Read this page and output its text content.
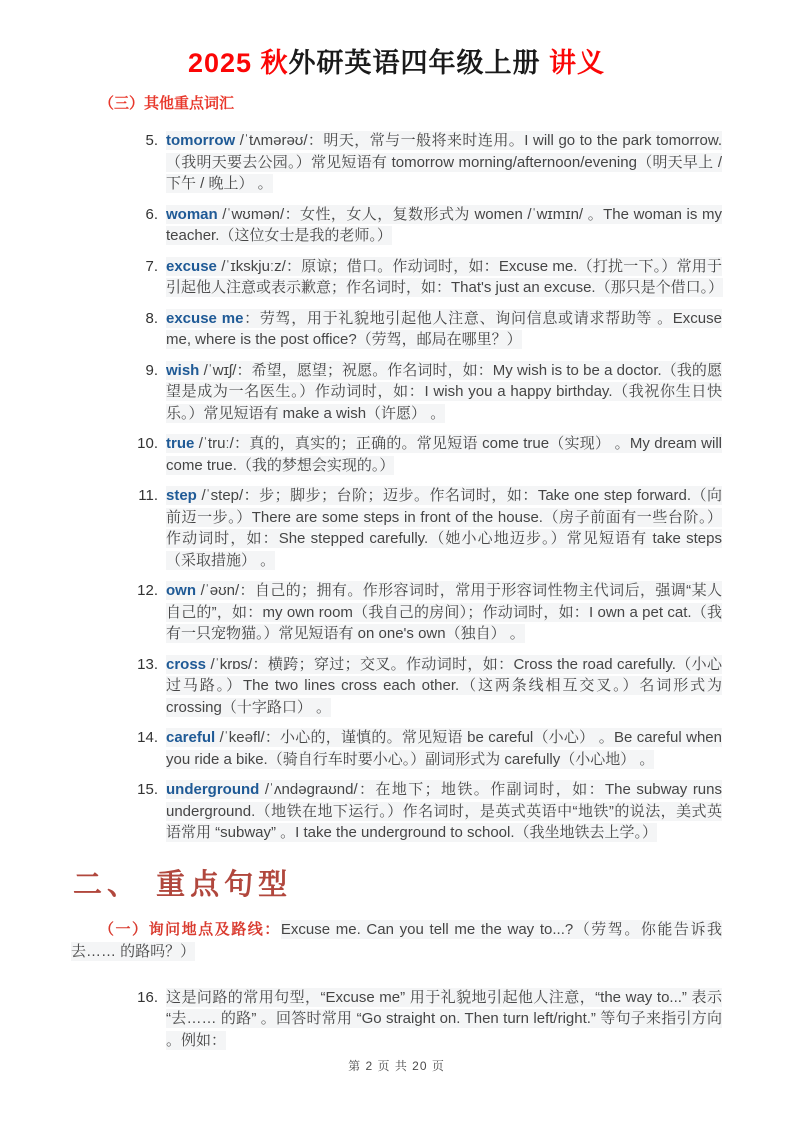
2025 秋外研英语四年级上册 讲义
（三）其他重点词汇
5. tomorrow /ˈtʌmərəʊ/：明天，常与一般将来时连用。I will go to the park tomorrow.（我明天要去公园。）常见短语有 tomorrow morning/afternoon/evening（明天早上 / 下午 / 晚上） 。
6. woman /ˈwʊmən/：女性，女人，复数形式为 women /ˈwɪmɪn/ 。The woman is my teacher.（这位女士是我的老师。）
7. excuse /ˈɪkskjuːz/：原谅；借口。作动词时，如：Excuse me.（打扰一下。）常用于引起他人注意或表示歉意；作名词时，如：That's just an excuse.（那只是个借口。）
8. excuse me：劳驾，用于礼貌地引起他人注意、询问信息或请求帮助等 。Excuse me, where is the post office?（劳驾，邮局在哪里？）
9. wish /ˈwɪʃ/：希望，愿望；祝愿。作名词时，如：My wish is to be a doctor.（我的愿望是成为一名医生。）作动词时，如：I wish you a happy birthday.（我祝你生日快乐。）常见短语有 make a wish（许愿） 。
10. true /ˈtruː/：真的，真实的；正确的。常见短语 come true（实现） 。My dream will come true.（我的梦想会实现的。）
11. step /ˈstep/：步；脚步；台阶；迈步。作名词时，如：Take one step forward.（向前迈一步。）There are some steps in front of the house.（房子前面有一些台阶。）作动词时，如：She stepped carefully.（她小心地迈步。）常见短语有 take steps（采取措施） 。
12. own /ˈəʊn/：自己的；拥有。作形容词时，常用于形容词性物主代词后，强调“某人自己的”，如：my own room（我自己的房间）；作动词时，如：I own a pet cat.（我有一只宠物猫。）常见短语有 on one's own（独自） 。
13. cross /ˈkrɒs/：横跨；穿过；交叉。作动词时，如：Cross the road carefully.（小心过马路。）The two lines cross each other.（这两条线相互交叉。）名词形式为 crossing（十字路口） 。
14. careful /ˈkeəfl/：小心的，谨慎的。常见短语 be careful（小心） 。Be careful when you ride a bike.（骑自行车时要小心。）副词形式为 carefully（小心地） 。
15. underground /ˈʌndəgraʊnd/：在地下；地铁。作副词时，如：The subway runs underground.（地铁在地下运行。）作名词时，是英式英语中“地铁”的说法，美式英语常用 “subway” 。I take the underground to school.（我坐地铁去上学。）
二、 重点句型

（一）询问地点及路线：Excuse me. Can you tell me the way to...?（劳驾。你能告诉我去…… 的路吗？）

16. 这是问路的常用句型，“Excuse me” 用于礼貌地引起他人注意，“the way to...” 表示 “去…… 的路” 。回答时常用 “Go straight on. Then turn left/right.” 等句子来指引方向 。例如：
第 2 页 共 20 页
